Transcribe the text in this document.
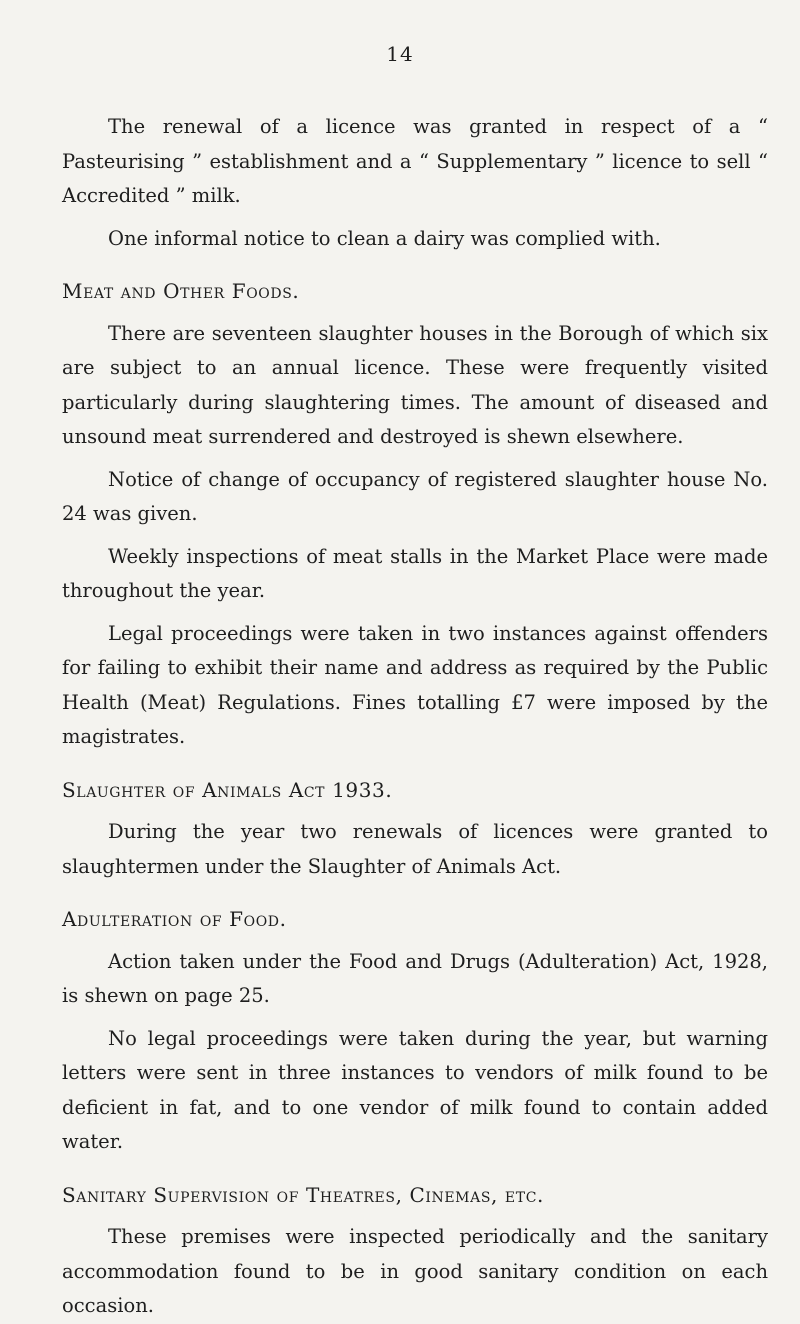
14

The renewal of a licence was granted in respect of a “ Pasteurising ” establishment and a “ Supplementary ” licence to sell “ Accredited ” milk.

One informal notice to clean a dairy was complied with.

Meat and Other Foods.

There are seventeen slaughter houses in the Borough of which six are subject to an annual licence. These were frequently visited particularly during slaughtering times. The amount of diseased and unsound meat surrendered and destroyed is shewn elsewhere.

Notice of change of occupancy of registered slaughter house No. 24 was given.

Weekly inspections of meat stalls in the Market Place were made throughout the year.

Legal proceedings were taken in two instances against offenders for failing to exhibit their name and address as required by the Public Health (Meat) Regulations. Fines totalling £7 were imposed by the magistrates.

Slaughter of Animals Act 1933.

During the year two renewals of licences were granted to slaughtermen under the Slaughter of Animals Act.

Adulteration of Food.

Action taken under the Food and Drugs (Adulteration) Act, 1928, is shewn on page 25.

No legal proceedings were taken during the year, but warning letters were sent in three instances to vendors of milk found to be deficient in fat, and to one vendor of milk found to contain added water.

Sanitary Supervision of Theatres, Cinemas, etc.

These premises were inspected periodically and the sanitary accommodation found to be in good sanitary condition on each occasion.
